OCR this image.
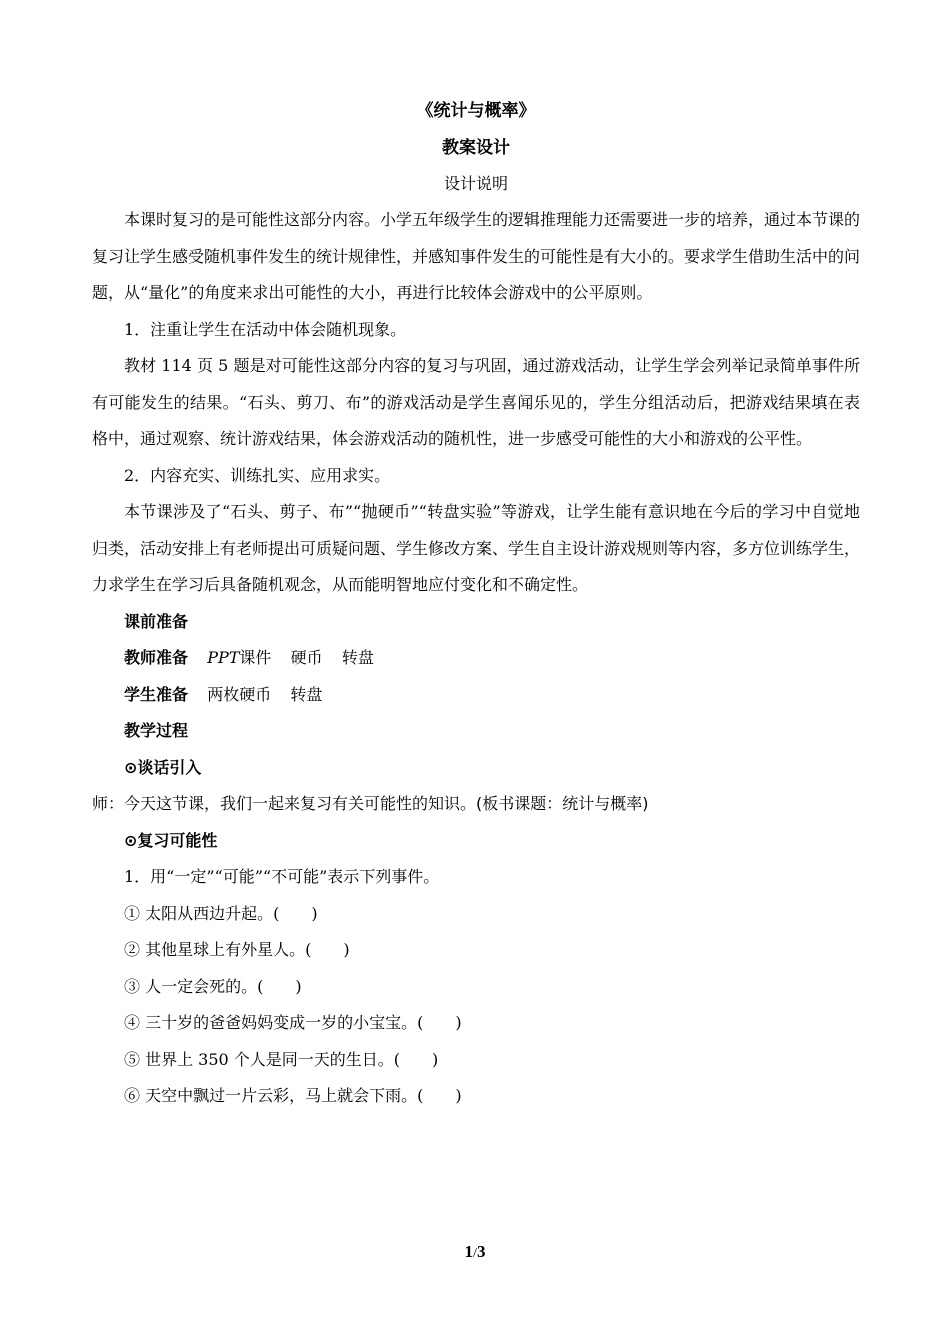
《统计与概率》
教案设计
设计说明

本课时复习的是可能性这部分内容。小学五年级学生的逻辑推理能力还需要进一步的培养，通过本节课的复习让学生感受随机事件发生的统计规律性，并感知事件发生的可能性是有大小的。要求学生借助生活中的问题，从“量化”的角度来求出可能性的大小，再进行比较体会游戏中的公平原则。

1．注重让学生在活动中体会随机现象。

教材 114 页 5 题是对可能性这部分内容的复习与巩固，通过游戏活动，让学生学会列举记录简单事件所有可能发生的结果。“石头、剪刀、布”的游戏活动是学生喜闻乐见的，学生分组活动后，把游戏结果填在表格中，通过观察、统计游戏结果，体会游戏活动的随机性，进一步感受可能性的大小和游戏的公平性。

2．内容充实、训练扎实、应用求实。

本节课涉及了“石头、剪子、布”“抛硬币”“转盘实验”等游戏，让学生能有意识地在今后的学习中自觉地归类，活动安排上有老师提出可质疑问题、学生修改方案、学生自主设计游戏规则等内容，多方位训练学生，力求学生在学习后具备随机观念，从而能明智地应付变化和不确定性。

课前准备

教师准备 PPT课件 硬币 转盘

学生准备 两枚硬币 转盘

教学过程

⊙谈话引入

师：今天这节课，我们一起来复习有关可能性的知识。(板书课题：统计与概率)

⊙复习可能性

1．用“一定”“可能”“不可能”表示下列事件。

① 太阳从西边升起。( )

② 其他星球上有外星人。( )

③ 人一定会死的。( )

④ 三十岁的爸爸妈妈变成一岁的小宝宝。( )

⑤ 世界上 350 个人是同一天的生日。( )

⑥ 天空中飘过一片云彩，马上就会下雨。( )

1/3
